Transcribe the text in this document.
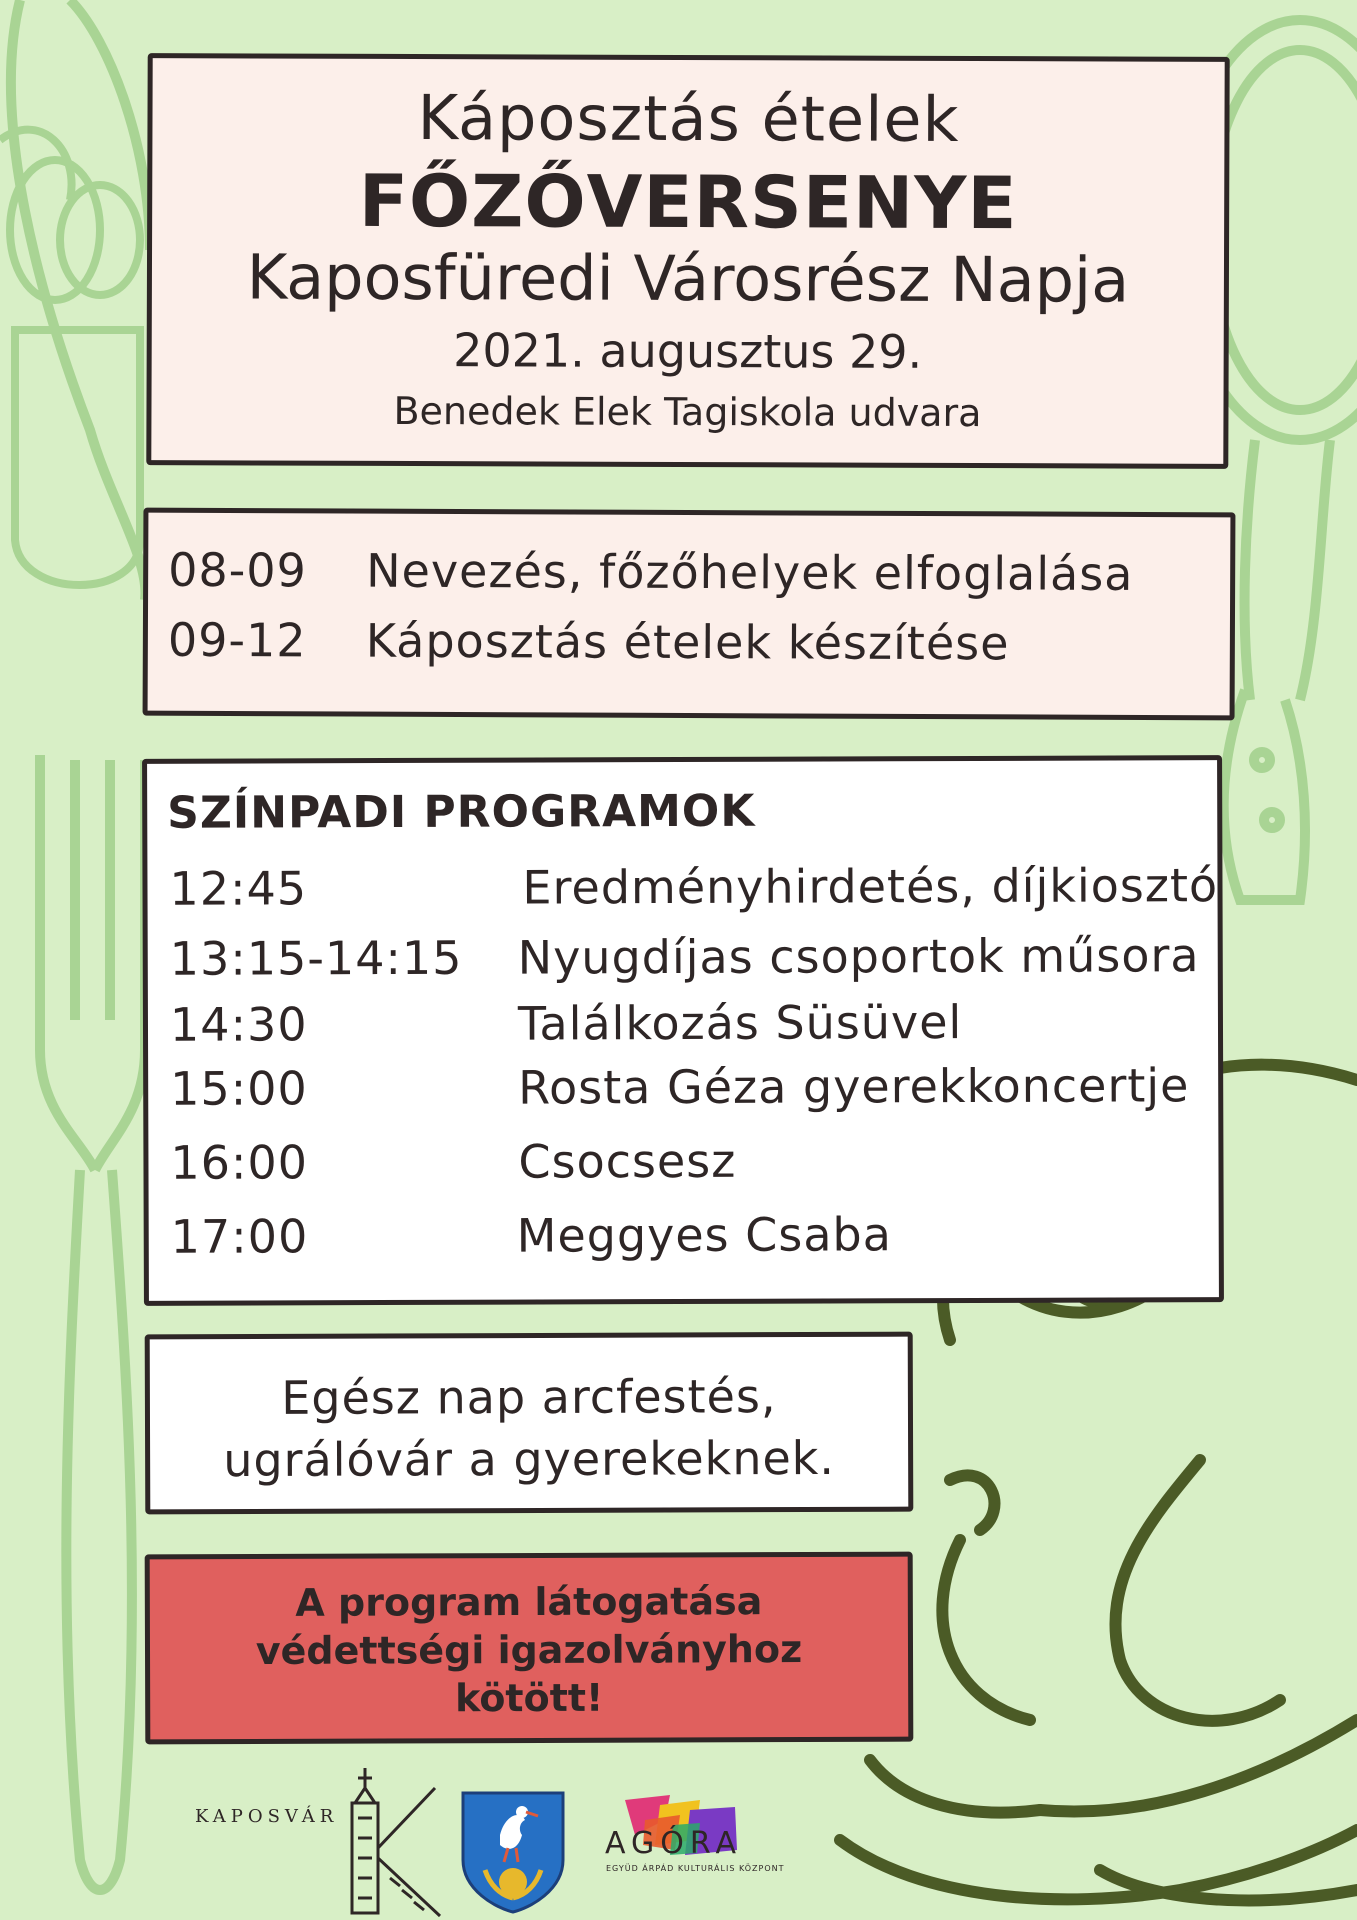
Káposztás ételek
FŐZŐVERSENYE
Kaposfüredi Városrész Napja
2021. augusztus 29.
Benedek Elek Tagiskola udvara
08-09 Nevezés, főzőhelyek elfoglalása
09-12 Káposztás ételek készítése
SZÍNPADI PROGRAMOK
12:45	Eredményhirdetés, díjkiosztó
13:15-14:15 Nyugdíjas csoportok műsora
14:30	Találkozás Süsüvel
15:00	Rosta Géza gyerekkoncertje
16:00	Csocsesz
17:00	Meggyes Csaba
Egész nap arcfestés,
ugrálóvár a gyerekeknek.
A program látogatása
védettségi igazolványhoz
kötött!
KAPOSVÁR
AGÓRA
EGYÜD ÁRPÁD KULTURÁLIS KÖZPONT
